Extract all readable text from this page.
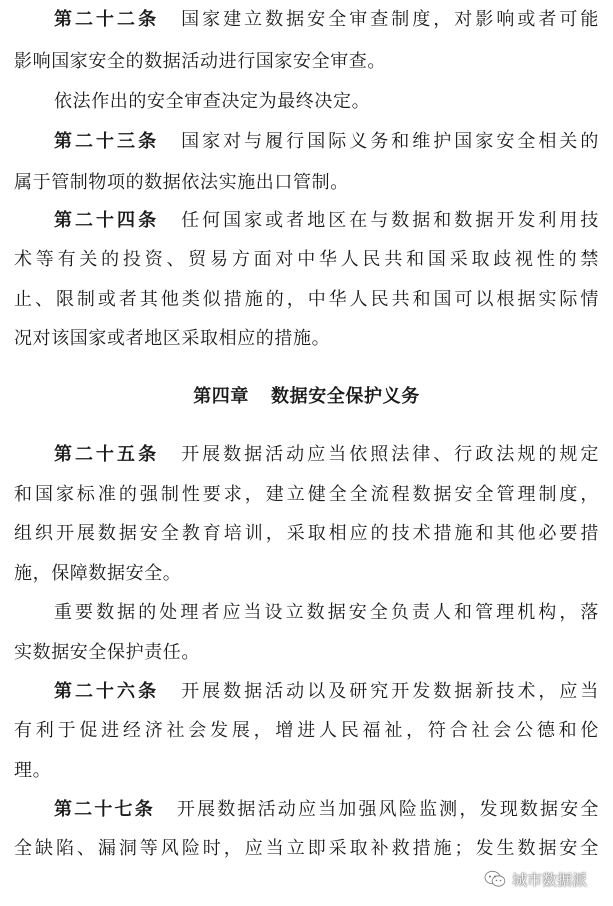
第二十二条 国家建立数据安全审查制度，对影响或者可能
影响国家安全的数据活动进行国家安全审查。
依法作出的安全审查决定为最终决定。
第二十三条 国家对与履行国际义务和维护国家安全相关的
属于管制物项的数据依法实施出口管制。
第二十四条 任何国家或者地区在与数据和数据开发利用技
术等有关的投资、贸易方面对中华人民共和国采取歧视性的禁
止、限制或者其他类似措施的，中华人民共和国可以根据实际情
况对该国家或者地区采取相应的措施。
第四章 数据安全保护义务
第二十五条 开展数据活动应当依照法律、行政法规的规定
和国家标准的强制性要求，建立健全全流程数据安全管理制度，
组织开展数据安全教育培训，采取相应的技术措施和其他必要措
施，保障数据安全。
重要数据的处理者应当设立数据安全负责人和管理机构，落
实数据安全保护责任。
第二十六条 开展数据活动以及研究开发数据新技术，应当
有利于促进经济社会发展，增进人民福祉，符合社会公德和伦
理。
第二十七条 开展数据活动应当加强风险监测，发现数据安全
全缺陷、漏洞等风险时，应当立即采取补救措施；发生数据安全
城市数据派
